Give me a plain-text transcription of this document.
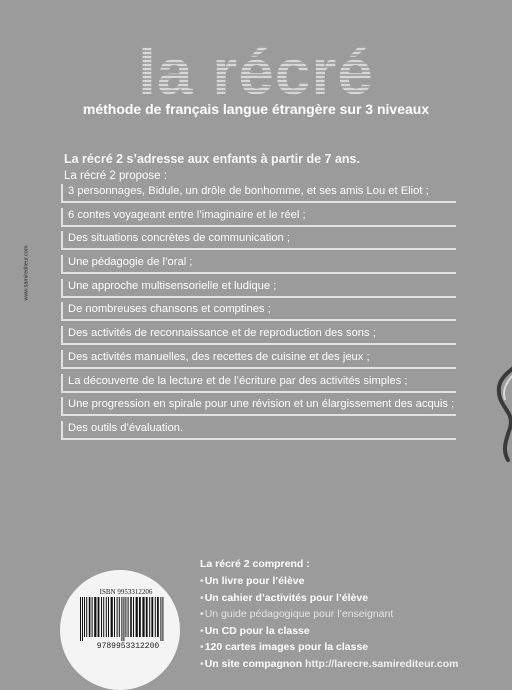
la récré
méthode de français langue étrangère sur 3 niveaux
La récré 2 s’adresse aux enfants à partir de 7 ans.
La récré 2 propose :
3 personnages, Bidule, un drôle de bonhomme, et ses amis Lou et Eliot ;
6 contes voyageant entre l’imaginaire et le réel ;
Des situations concrètes de communication ;
Une pédagogie de l’oral ;
Une approche multisensorielle et ludique ;
De nombreuses chansons et comptines ;
Des activités de reconnaissance et de reproduction des sons ;
Des activités manuelles, des recettes de cuisine et des jeux ;
La découverte de la lecture et de l’écriture par des activités simples ;
Une progression en spirale pour une révision et un élargissement des acquis ;
Des outils d’évaluation.
www.samirediteur.com
ISBN 9953312206
9789953312200
La récré 2 comprend :
•Un livre pour l’élève
•Un cahier d’activités pour l’élève
•Un guide pédagogique pour l’enseignant
•Un CD pour la classe
•120 cartes images pour la classe
•Un site compagnon http://larecre.samirediteur.com
